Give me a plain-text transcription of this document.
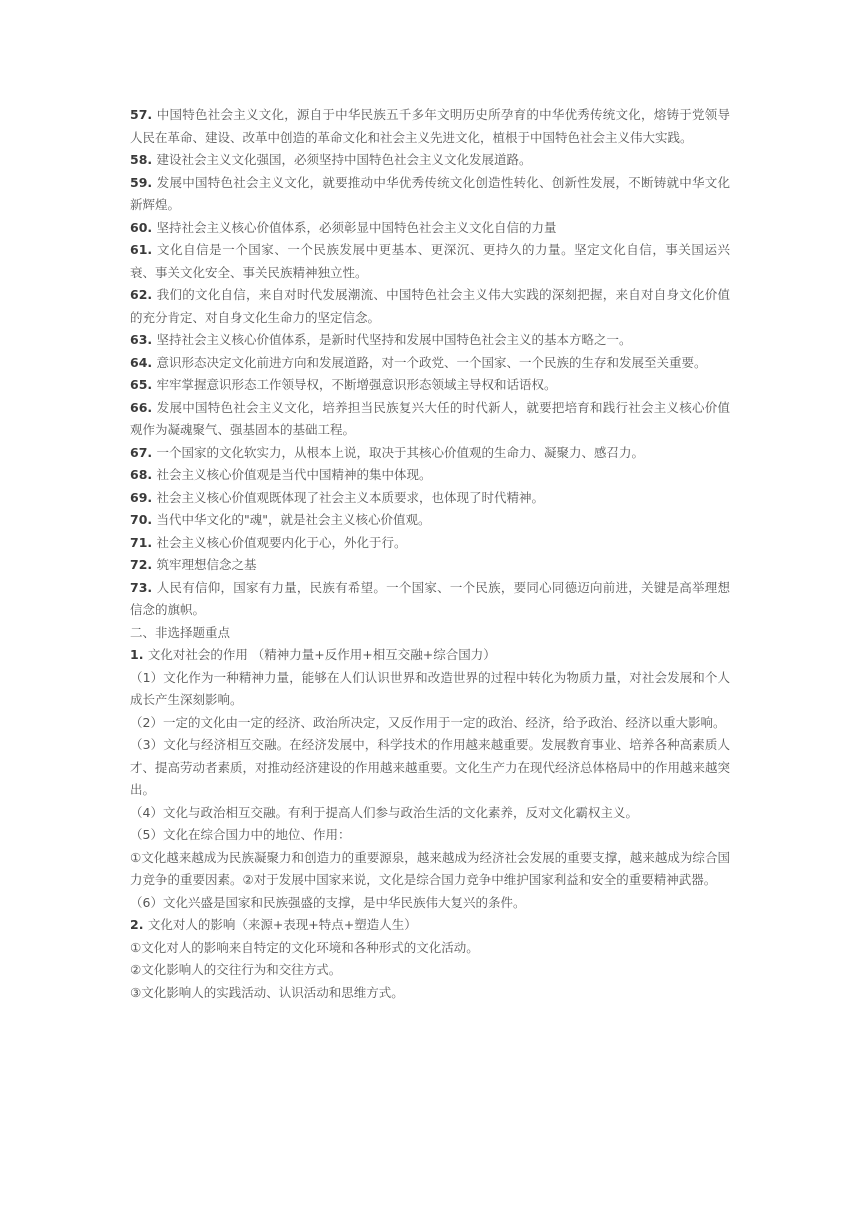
57. 中国特色社会主义文化，源自于中华民族五千多年文明历史所孕育的中华优秀传统文化，熔铸于党领导人民在革命、建设、改革中创造的革命文化和社会主义先进文化，植根于中国特色社会主义伟大实践。

58. 建设社会主义文化强国，必须坚持中国特色社会主义文化发展道路。

59. 发展中国特色社会主义文化，就要推动中华优秀传统文化创造性转化、创新性发展，不断铸就中华文化新辉煌。

60. 坚持社会主义核心价值体系，必须彰显中国特色社会主义文化自信的力量

61. 文化自信是一个国家、一个民族发展中更基本、更深沉、更持久的力量。坚定文化自信，事关国运兴衰、事关文化安全、事关民族精神独立性。

62. 我们的文化自信，来自对时代发展潮流、中国特色社会主义伟大实践的深刻把握，来自对自身文化价值的充分肯定、对自身文化生命力的坚定信念。

63. 坚持社会主义核心价值体系，是新时代坚持和发展中国特色社会主义的基本方略之一。

64. 意识形态决定文化前进方向和发展道路，对一个政党、一个国家、一个民族的生存和发展至关重要。

65. 牢牢掌握意识形态工作领导权，不断增强意识形态领域主导权和话语权。

66. 发展中国特色社会主义文化，培养担当民族复兴大任的时代新人，就要把培育和践行社会主义核心价值观作为凝魂聚气、强基固本的基础工程。

67. 一个国家的文化软实力，从根本上说，取决于其核心价值观的生命力、凝聚力、感召力。

68. 社会主义核心价值观是当代中国精神的集中体现。

69. 社会主义核心价值观既体现了社会主义本质要求，也体现了时代精神。

70. 当代中华文化的"魂"，就是社会主义核心价值观。

71. 社会主义核心价值观要内化于心，外化于行。

72. 筑牢理想信念之基

73. 人民有信仰，国家有力量，民族有希望。一个国家、一个民族，要同心同德迈向前进，关键是高举理想信念的旗帜。

二、非选择题重点

1. 文化对社会的作用 （精神力量+反作用+相互交融+综合国力）

（1）文化作为一种精神力量，能够在人们认识世界和改造世界的过程中转化为物质力量，对社会发展和个人成长产生深刻影响。

（2）一定的文化由一定的经济、政治所决定，又反作用于一定的政治、经济，给予政治、经济以重大影响。

（3）文化与经济相互交融。在经济发展中，科学技术的作用越来越重要。发展教育事业、培养各种高素质人才、提高劳动者素质，对推动经济建设的作用越来越重要。文化生产力在现代经济总体格局中的作用越来越突出。

（4）文化与政治相互交融。有利于提高人们参与政治生活的文化素养，反对文化霸权主义。

（5）文化在综合国力中的地位、作用：

①文化越来越成为民族凝聚力和创造力的重要源泉，越来越成为经济社会发展的重要支撑，越来越成为综合国力竞争的重要因素。②对于发展中国家来说，文化是综合国力竞争中维护国家利益和安全的重要精神武器。

（6）文化兴盛是国家和民族强盛的支撑，是中华民族伟大复兴的条件。

2. 文化对人的影响（来源+表现+特点+塑造人生）

①文化对人的影响来自特定的文化环境和各种形式的文化活动。

②文化影响人的交往行为和交往方式。

③文化影响人的实践活动、认识活动和思维方式。
